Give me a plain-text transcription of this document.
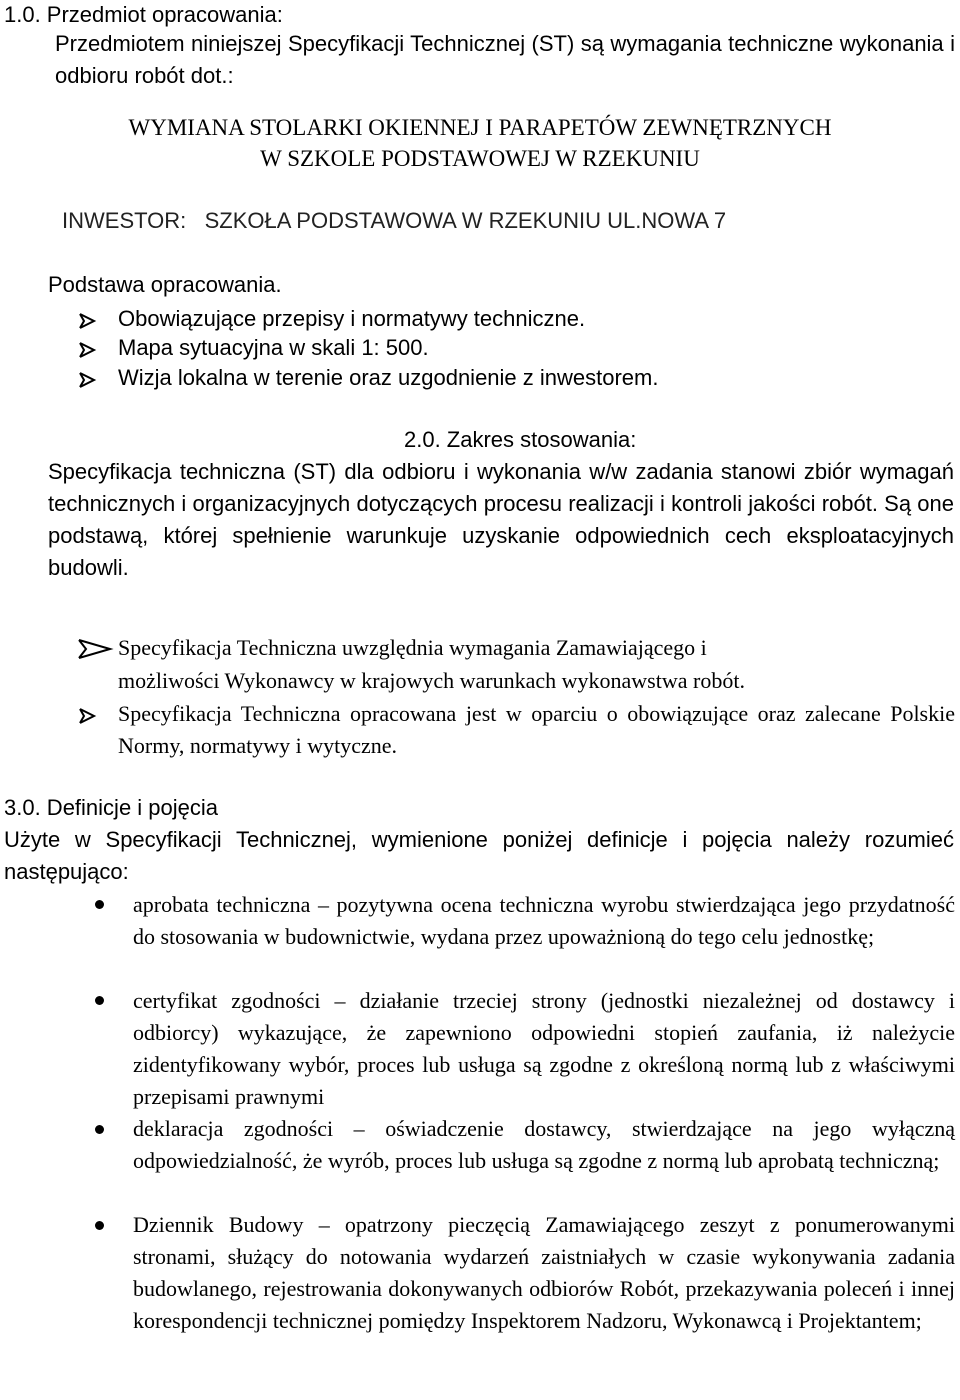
1.0. Przedmiot opracowania:

Przedmiotem niniejszej Specyfikacji Technicznej (ST) są wymagania techniczne wykonania i odbioru robót dot.:

WYMIANA STOLARKI OKIENNEJ I PARAPETÓW ZEWNĘTRZNYCH
W SZKOLE PODSTAWOWEJ W RZEKUNIU
INWESTOR:   SZKOŁA PODSTAWOWA W RZEKUNIU UL.NOWA 7
Podstawa opracowania.
Obowiązujące przepisy i normatywy techniczne.
Mapa sytuacyjna w skali 1: 500.
Wizja lokalna w terenie oraz uzgodnienie z inwestorem.
2.0. Zakres stosowania:

Specyfikacja techniczna (ST) dla odbioru i wykonania w/w zadania stanowi zbiór wymagań technicznych i organizacyjnych dotyczących procesu realizacji i kontroli jakości robót. Są one podstawą, której spełnienie warunkuje uzyskanie odpowiednich cech eksploatacyjnych budowli.

Specyfikacja Techniczna uwzględnia wymagania Zamawiającego i
możliwości Wykonawcy w krajowych warunkach wykonawstwa robót.

Specyfikacja Techniczna opracowana jest w oparciu o obowiązujące oraz zalecane Polskie Normy, normatywy i wytyczne.

3.0. Definicje i pojęcia

Użyte w Specyfikacji Technicznej, wymienione poniżej definicje i pojęcia należy rozumieć następująco:

aprobata techniczna – pozytywna ocena techniczna wyrobu stwierdzająca jego przydatność do stosowania w budownictwie, wydana przez upoważnioną do tego celu jednostkę;

certyfikat zgodności – działanie trzeciej strony (jednostki niezależnej od dostawcy i odbiorcy) wykazujące, że zapewniono odpowiedni stopień zaufania, iż należycie zidentyfikowany wybór, proces lub usługa są zgodne z określoną normą lub z właściwymi przepisami prawnymi

deklaracja zgodności – oświadczenie dostawcy, stwierdzające na jego wyłączną odpowiedzialność, że wyrób, proces lub usługa są zgodne z normą lub aprobatą techniczną;

Dziennik Budowy – opatrzony pieczęcią Zamawiającego zeszyt z ponumerowanymi stronami, służący do notowania wydarzeń zaistniałych w czasie wykonywania zadania budowlanego, rejestrowania dokonywanych odbiorów Robót, przekazywania poleceń i innej korespondencji technicznej pomiędzy Inspektorem Nadzoru, Wykonawcą i Projektantem;
